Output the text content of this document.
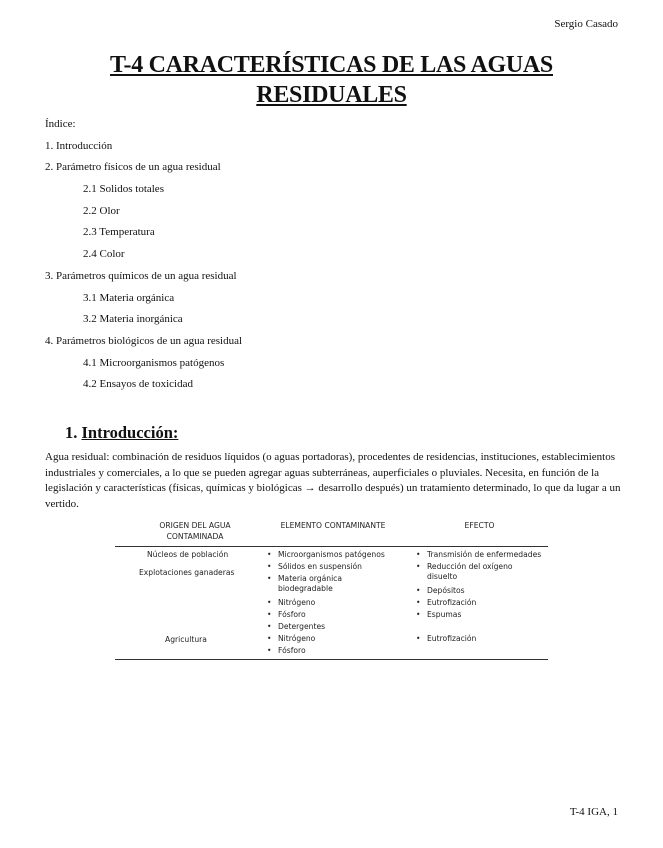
Sergio Casado
T-4 CARACTERÍSTICAS DE LAS AGUAS RESIDUALES
Índice:
1. Introducción
2. Parámetro físicos de un agua residual
2.1 Solidos totales
2.2 Olor
2.3 Temperatura
2.4 Color
3. Parámetros químicos de un agua residual
3.1 Materia orgánica
3.2 Materia inorgánica
4. Parámetros biológicos de un agua residual
4.1 Microorganismos patógenos
4.2 Ensayos de toxicidad
1. Introducción:
Agua residual: combinación de residuos líquidos (o aguas portadoras), procedentes de residencias, instituciones, establecimientos industriales y comerciales, a lo que se pueden agregar aguas subterráneas, auperficiales o pluviales. Necesita, en función de la legislación y características (físicas, químicas y biológicas → desarrollo después) un tratamiento determinado, lo que da lugar a un vertido.
ORIGEN DEL AGUA CONTAMINADA
ELEMENTO CONTAMINANTE	EFECTO
Núcleos de población
Explotaciones ganaderas
Agricultura
• Microorganismos patógenos
• Sólidos en suspensión
• Materia orgánica biodegradable
• Nitrógeno
• Fósforo
• Detergentes
• Nitrógeno
• Fósforo
• Transmisión de enfermedades
• Reducción del oxígeno disuelto
• Depósitos
• Eutrofización
• Espumas
• Eutrofización
T-4 IGA, 1
